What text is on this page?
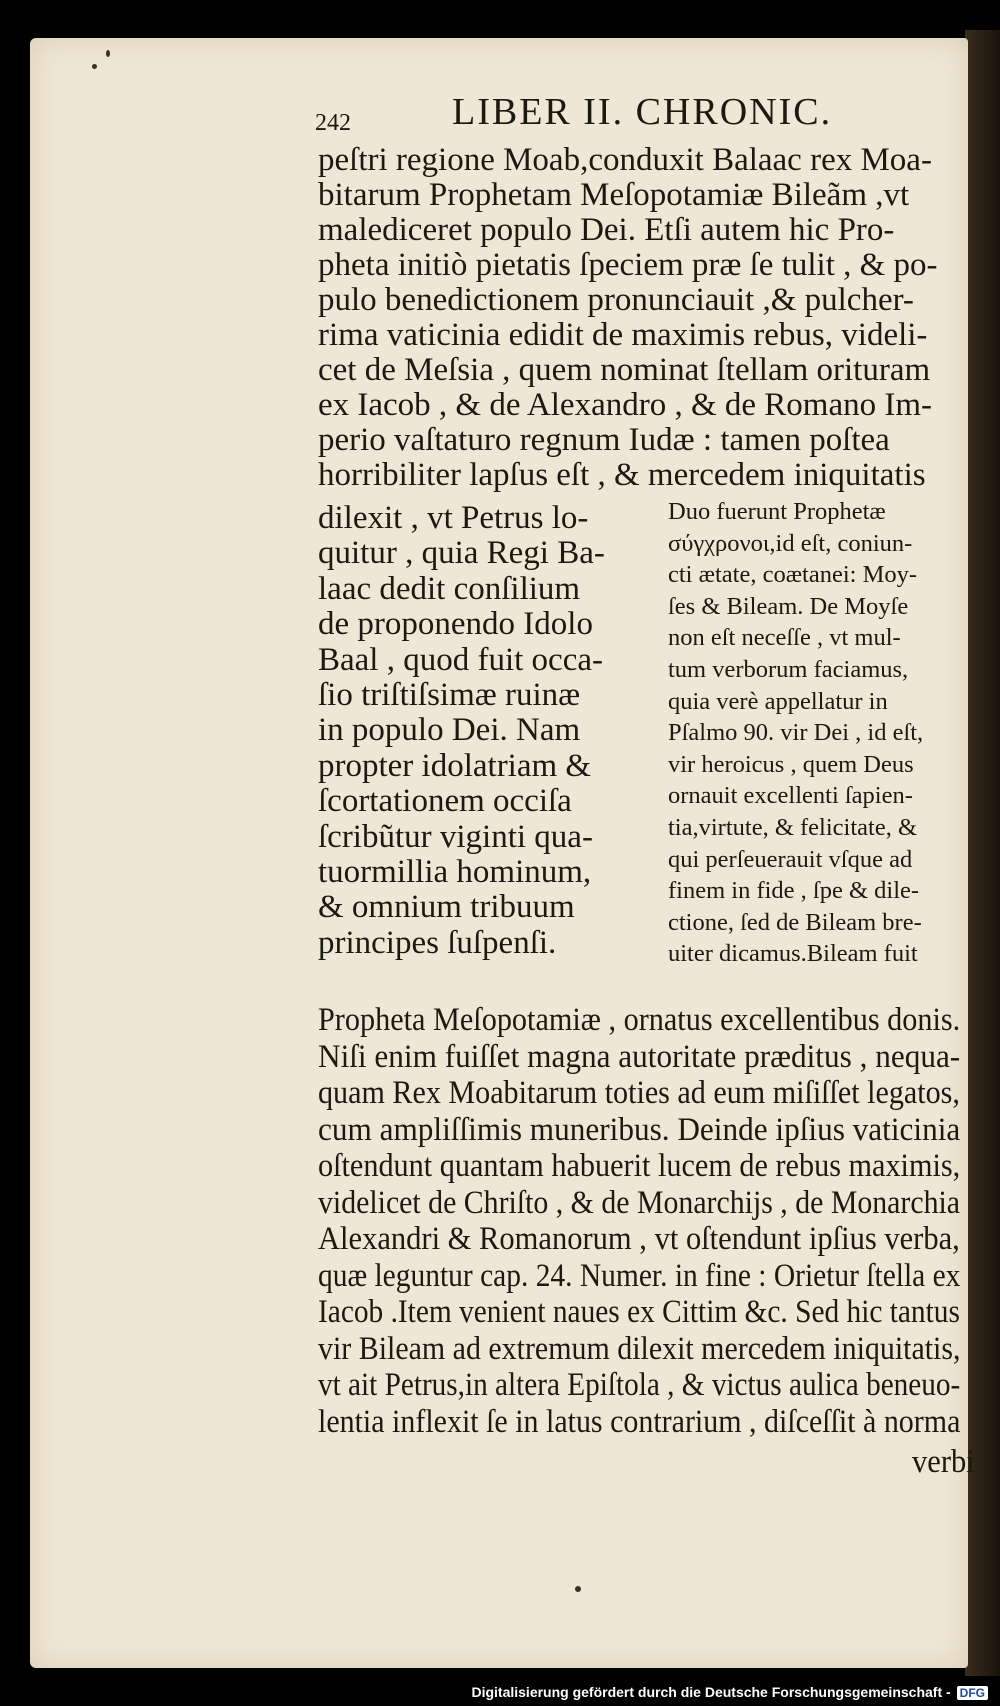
242	LIBER II. CHRONIC.
peſtri regione Moab,conduxit Balaac rex Moa-
bitarum Prophetam Meſopotamiæ Bileãm ,vt
malediceret populo Dei. Etſi autem hic Pro-
pheta initiò pietatis ſpeciem præ ſe tulit , & po-
pulo benedictionem pronunciauit ,& pulcher-
rima vaticinia edidit de maximis rebus, videli-
cet de Meſsia , quem nominat ſtellam orituram
ex Iacob , & de Alexandro , & de Romano Im-
perio vaſtaturo regnum Iudæ : tamen poſtea
horribiliter lapſus eſt , & mercedem iniquitatis
dilexit , vt Petrus lo-
quitur , quia Regi Ba-
laac dedit conſilium
de proponendo Idolo
Baal , quod fuit occa-
ſio triſtiſsimæ ruinæ
in populo Dei. Nam
propter idolatriam &
ſcortationem occiſa
ſcribũtur viginti qua-
tuormillia hominum,
& omnium tribuum
principes ſuſpenſi.
Duo fuerunt Prophetæ
σύγχρονοι,id eſt, coniun-
cti ætate, coætanei: Moy-
ſes & Bileam. De Moyſe
non eſt neceſſe , vt mul-
tum verborum faciamus,
quia verè appellatur in
Pſalmo 90. vir Dei , id eſt,
vir heroicus , quem Deus
ornauit excellenti ſapien-
tia,virtute, & felicitate, &
qui perſeuerauit vſque ad
finem in fide , ſpe & dile-
ctione, ſed de Bileam bre-
uiter dicamus.Bileam fuit
Propheta Meſopotamiæ , ornatus excellentibus donis.
Niſi enim fuiſſet magna autoritate præditus , nequa-
quam Rex Moabitarum toties ad eum miſiſſet legatos,
cum ampliſſimis muneribus. Deinde ipſius vaticinia
oſtendunt quantam habuerit lucem de rebus maximis,
videlicet de Chriſto , & de Monarchijs , de Monarchia
Alexandri & Romanorum , vt oſtendunt ipſius verba,
quæ leguntur cap. 24. Numer. in fine : Orietur ſtella ex
Iacob .Item venient naues ex Cittim &c. Sed hic tantus
vir Bileam ad extremum dilexit mercedem iniquitatis,
vt ait Petrus,in altera Epiſtola , & victus aulica beneuo-
lentia inflexit ſe in latus contrarium , diſceſſit à norma
verbi
Digitalisierung gefördert durch die Deutsche Forschungsgemeinschaft - DFG
